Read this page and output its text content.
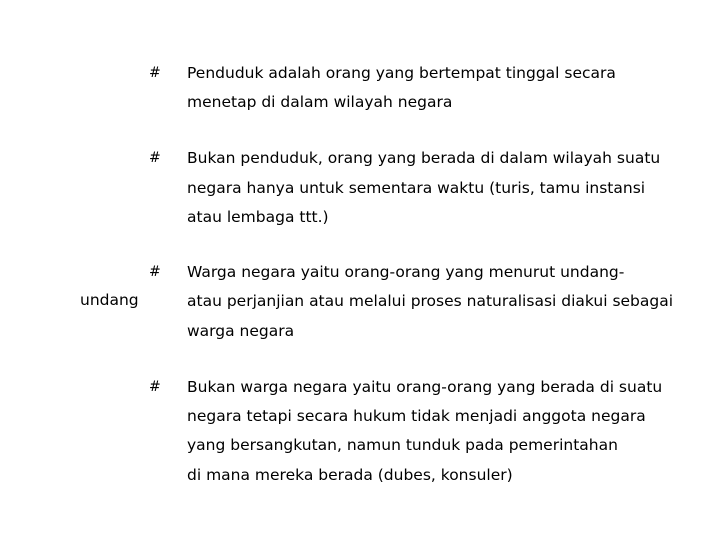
undang
# Penduduk adalah orang yang bertempat tinggal secara
menetap di dalam wilayah negara
# Bukan penduduk, orang yang berada di dalam wilayah suatu
negara hanya untuk sementara waktu (turis, tamu instansi
atau lembaga ttt.)
# Warga negara yaitu orang-orang yang menurut undang-
atau perjanjian atau melalui proses naturalisasi diakui sebagai
warga negara
# Bukan warga negara yaitu orang-orang yang berada di suatu
negara tetapi secara hukum tidak menjadi anggota negara
yang bersangkutan, namun tunduk pada pemerintahan
di mana mereka berada (dubes, konsuler)
